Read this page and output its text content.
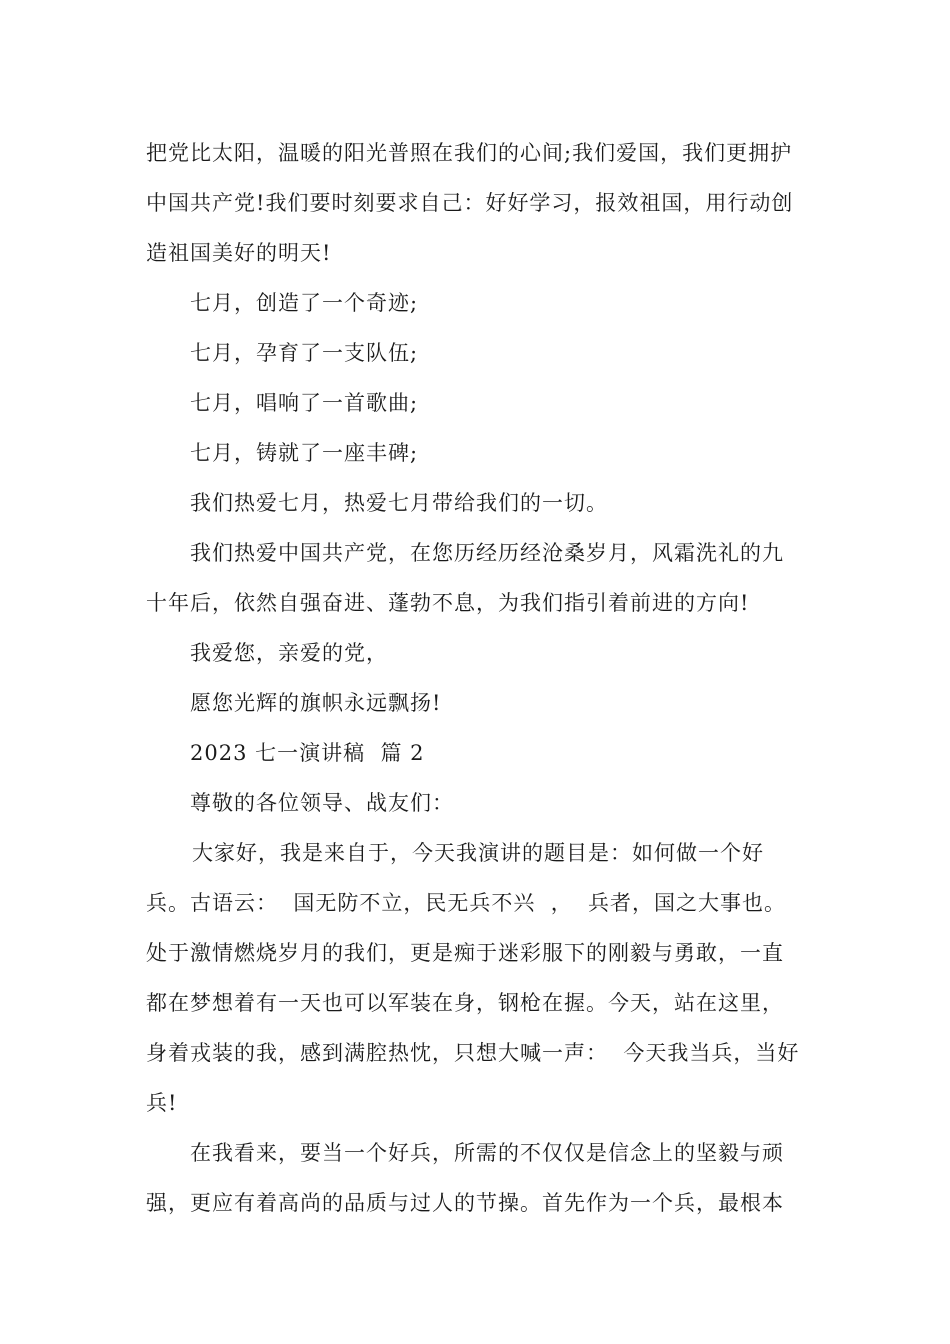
把党比太阳，温暖的阳光普照在我们的心间;我们爱国，我们更拥护
中国共产党!我们要时刻要求自己：好好学习，报效祖国，用行动创
造祖国美好的明天!
七月，创造了一个奇迹;
七月，孕育了一支队伍;
七月，唱响了一首歌曲;
七月，铸就了一座丰碑;
我们热爱七月，热爱七月带给我们的一切。
我们热爱中国共产党，在您历经历经沧桑岁月，风霜洗礼的九
十年后，依然自强奋进、蓬勃不息，为我们指引着前进的方向!
我爱您，亲爱的党，
愿您光辉的旗帜永远飘扬!
2023 七一演讲稿  篇 2
尊敬的各位领导、战友们：
大家好，我是来自于，今天我演讲的题目是：如何做一个好
兵。古语云：  国无防不立，民无兵不兴  ，  兵者，国之大事也。
处于激情燃烧岁月的我们，更是痴于迷彩服下的刚毅与勇敢，一直
都在梦想着有一天也可以军装在身，钢枪在握。今天，站在这里，
身着戎装的我，感到满腔热忱，只想大喊一声：  今天我当兵，当好
兵!
在我看来，要当一个好兵，所需的不仅仅是信念上的坚毅与顽
强，更应有着高尚的品质与过人的节操。首先作为一个兵，最根本
